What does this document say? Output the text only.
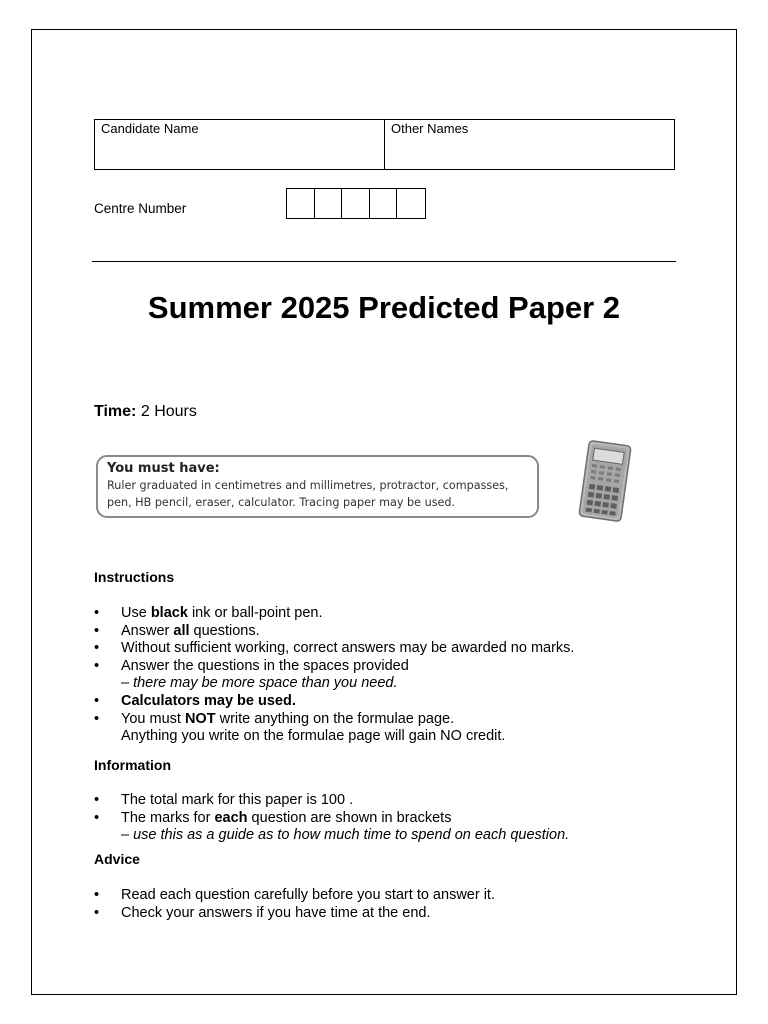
Candidate Name	Other Names
Centre Number
Summer 2025 Predicted Paper 2
Time: 2 Hours
You must have:
Ruler graduated in centimetres and millimetres, protractor, compasses,
pen, HB pencil, eraser, calculator. Tracing paper may be used.
Instructions
• Use black ink or ball-point pen.
• Answer all questions.
• Without sufficient working, correct answers may be awarded no marks.
• Answer the questions in the spaces provided
– there may be more space than you need.
• Calculators may be used.
• You must NOT write anything on the formulae page.
Anything you write on the formulae page will gain NO credit.
Information
• The total mark for this paper is 100 .
• The marks for each question are shown in brackets
– use this as a guide as to how much time to spend on each question.
Advice
• Read each question carefully before you start to answer it.
• Check your answers if you have time at the end.
